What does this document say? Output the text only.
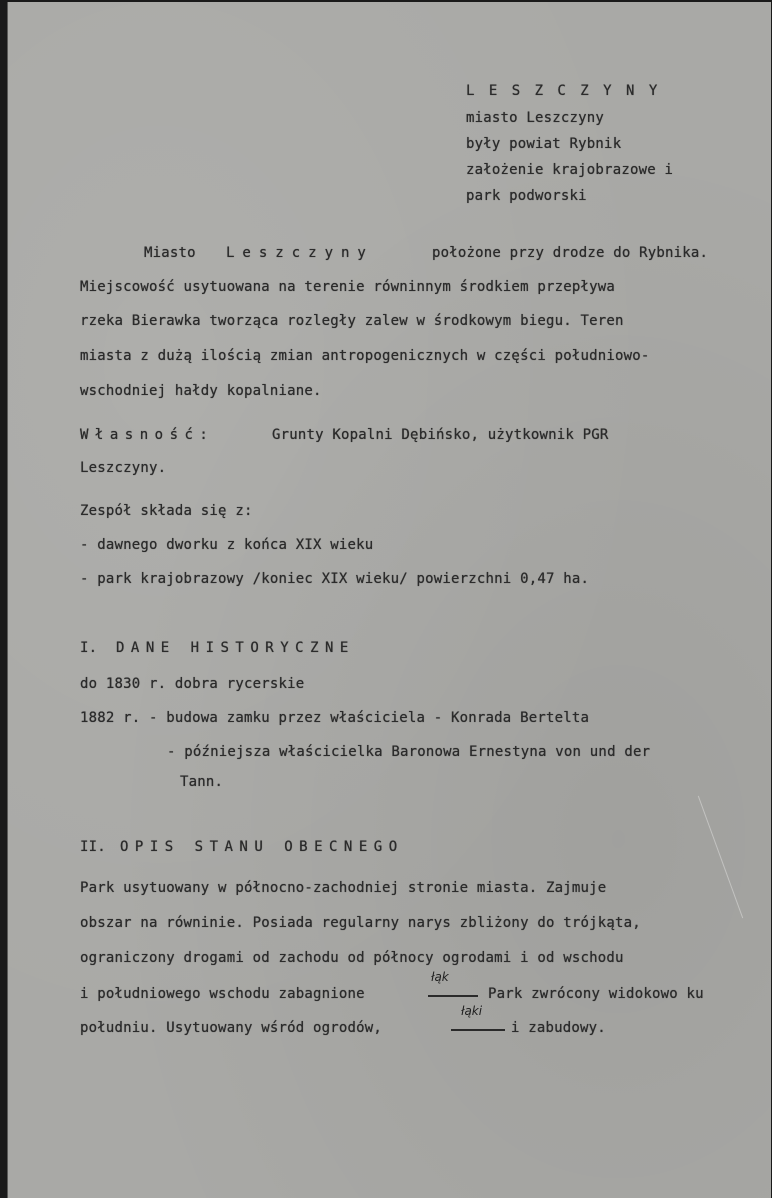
L E S Z C Z Y N Y
miasto Leszczyny
były powiat Rybnik
założenie krajobrazowe i
park podworski
Miasto Leszczyny	położone przy drodze do Rybnika.
Miejscowość usytuowana na terenie równinnym środkiem przepływa
rzeka Bierawka tworząca rozległy zalew w środkowym biegu. Teren
miasta z dużą ilością zmian antropogenicznych w części południowo-
wschodniej hałdy kopalniane.
Własność:	Grunty Kopalni Dębińsko, użytkownik PGR
Leszczyny.
Zespół składa się z:
- dawnego dworku z końca XIX wieku
- park krajobrazowy /koniec XIX wieku/ powierzchni 0,47 ha.
I. DANE HISTORYCZNE
do 1830 r. dobra rycerskie
1882 r. - budowa zamku przez właściciela - Konrada Bertelta
- późniejsza właścicielka Baronowa Ernestyna von und der
Tann.
II. OPIS STANU OBECNEGO
Park usytuowany w północno-zachodniej stronie miasta. Zajmuje
obszar na równinie. Posiada regularny narys zbliżony do trójkąta,
ograniczony drogami od zachodu od północy ogrodami i od wschodu
i południowego wschodu zabagnione
łąk
Park zwrócony widokowo ku
południu. Usytuowany wśród ogrodów,
łąki
i zabudowy.
